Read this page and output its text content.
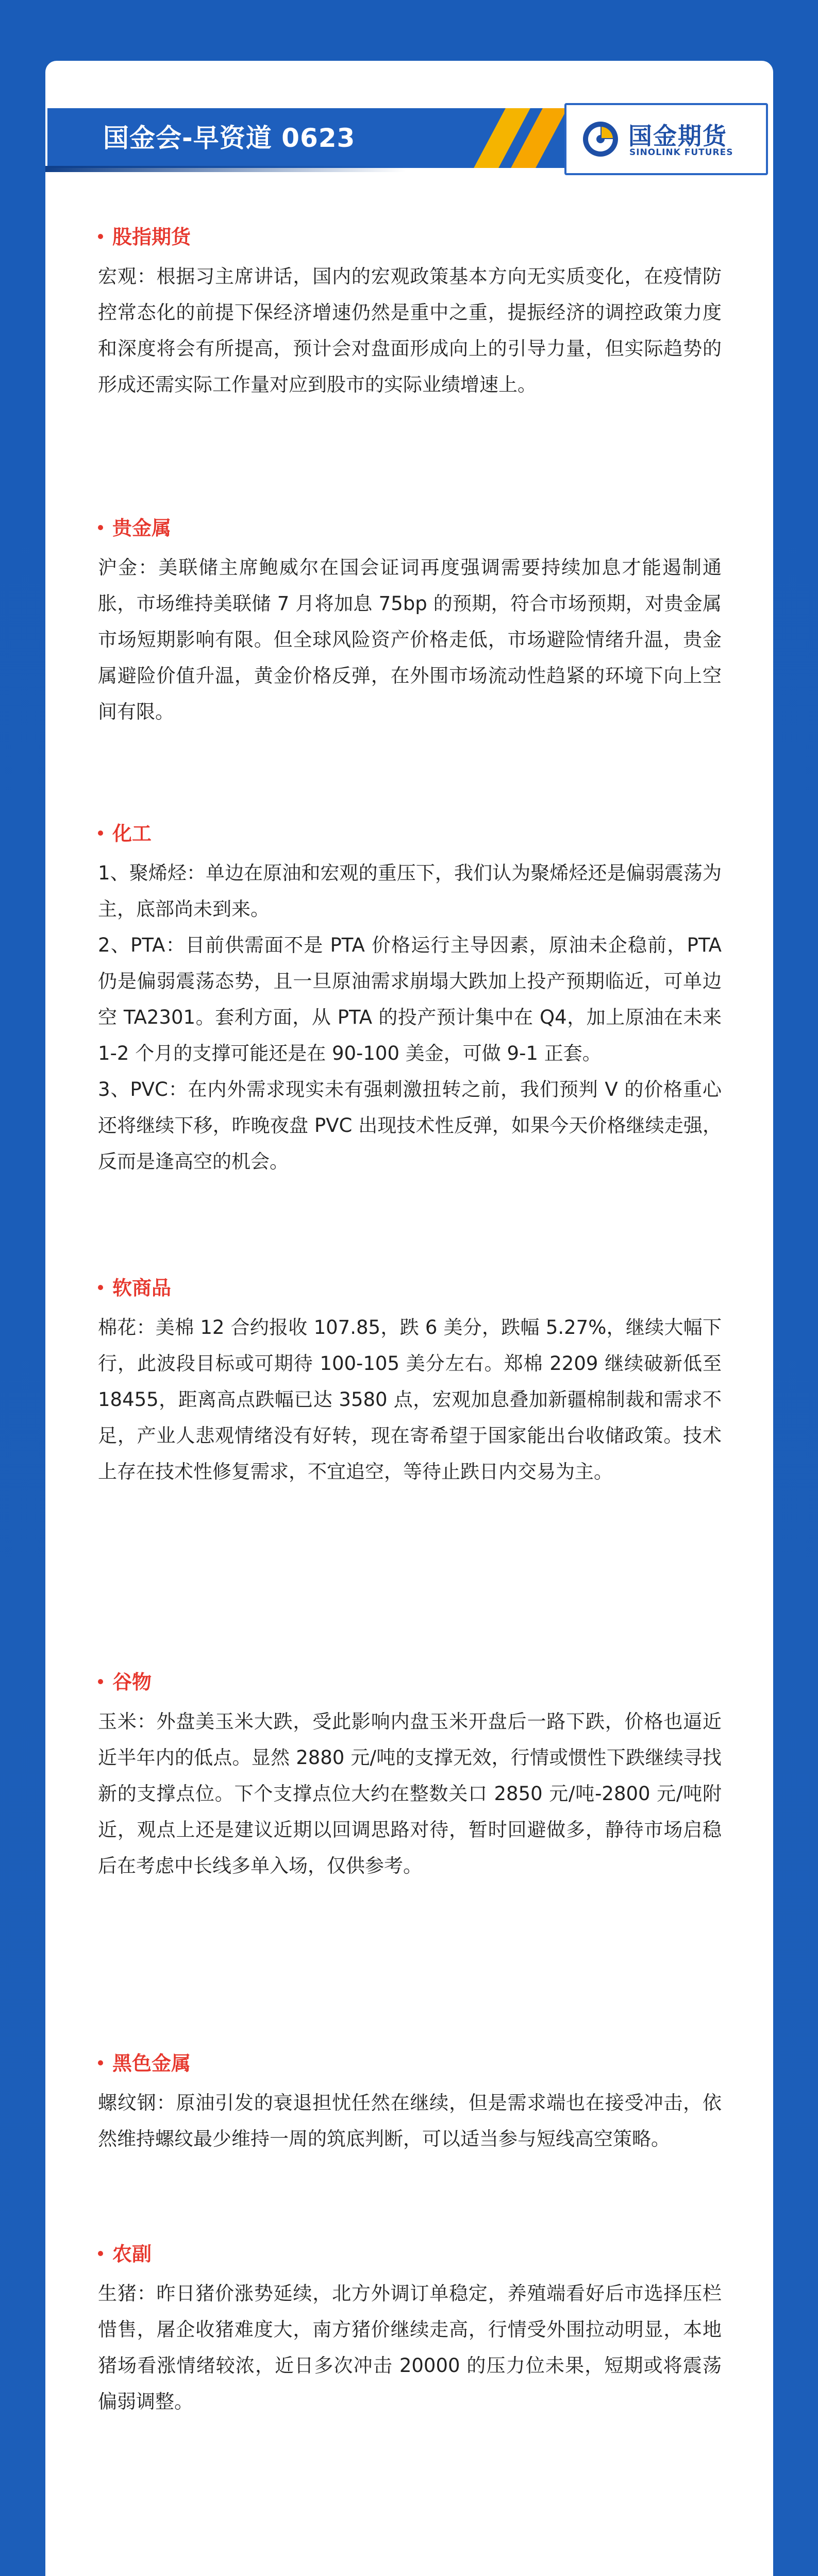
国金会-早资道 0623	国金期货
SINOLINK FUTURES
股指期货

宏观：根据习主席讲话，国内的宏观政策基本方向无实质变化，在疫情防控常态化的前提下保经济增速仍然是重中之重，提振经济的调控政策力度和深度将会有所提高，预计会对盘面形成向上的引导力量，但实际趋势的形成还需实际工作量对应到股市的实际业绩增速上。

贵金属

沪金：美联储主席鲍威尔在国会证词再度强调需要持续加息才能遏制通胀，市场维持美联储 7 月将加息 75bp 的预期，符合市场预期，对贵金属市场短期影响有限。但全球风险资产价格走低，市场避险情绪升温，贵金属避险价值升温，黄金价格反弹，在外围市场流动性趋紧的环境下向上空间有限。

化工

1、聚烯烃：单边在原油和宏观的重压下，我们认为聚烯烃还是偏弱震荡为主，底部尚未到来。

2、PTA：目前供需面不是 PTA 价格运行主导因素，原油未企稳前，PTA 仍是偏弱震荡态势，且一旦原油需求崩塌大跌加上投产预期临近，可单边空 TA2301。套利方面，从 PTA 的投产预计集中在 Q4，加上原油在未来 1-2 个月的支撑可能还是在 90-100 美金，可做 9-1 正套。

3、PVC：在内外需求现实未有强刺激扭转之前，我们预判 V 的价格重心还将继续下移，昨晚夜盘 PVC 出现技术性反弹，如果今天价格继续走强，反而是逢高空的机会。

软商品

棉花：美棉 12 合约报收 107.85，跌 6 美分，跌幅 5.27%，继续大幅下行，此波段目标或可期待 100-105 美分左右。郑棉 2209 继续破新低至 18455，距离高点跌幅已达 3580 点，宏观加息叠加新疆棉制裁和需求不足，产业人悲观情绪没有好转，现在寄希望于国家能出台收储政策。技术上存在技术性修复需求，不宜追空，等待止跌日内交易为主。

谷物

玉米：外盘美玉米大跌，受此影响内盘玉米开盘后一路下跌，价格也逼近近半年内的低点。显然 2880 元/吨的支撑无效，行情或惯性下跌继续寻找新的支撑点位。下个支撑点位大约在整数关口 2850 元/吨-2800 元/吨附近，观点上还是建议近期以回调思路对待，暂时回避做多，静待市场启稳后在考虑中长线多单入场，仅供参考。

黑色金属

螺纹钢：原油引发的衰退担忧任然在继续，但是需求端也在接受冲击，依然维持螺纹最少维持一周的筑底判断，可以适当参与短线高空策略。

农副

生猪：昨日猪价涨势延续，北方外调订单稳定，养殖端看好后市选择压栏惜售，屠企收猪难度大，南方猪价继续走高，行情受外围拉动明显，本地猪场看涨情绪较浓，近日多次冲击 20000 的压力位未果，短期或将震荡偏弱调整。
